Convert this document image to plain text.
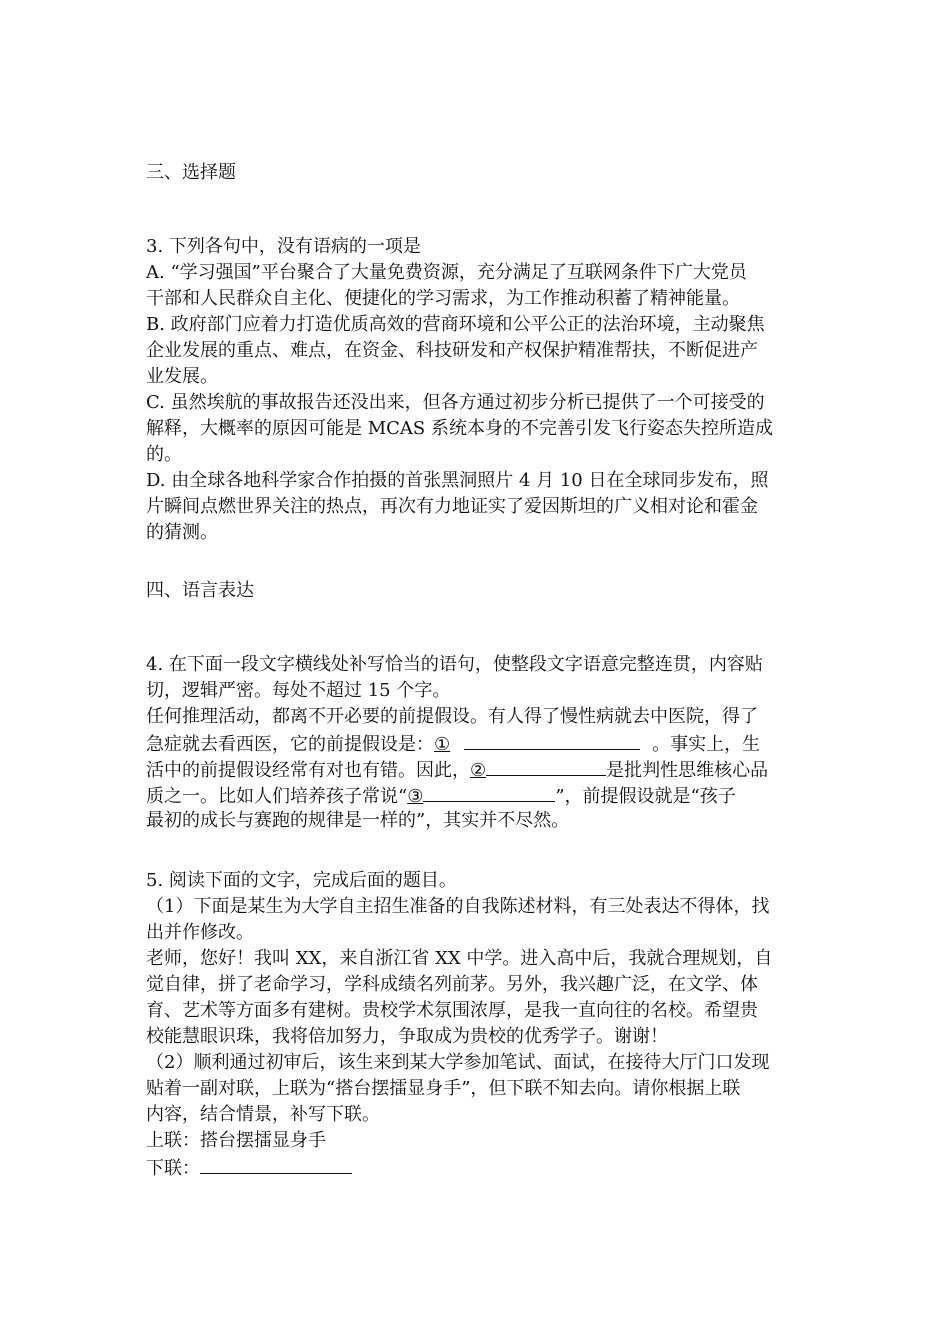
三、选择题
3. 下列各句中，没有语病的一项是
A. “学习强国”平台聚合了大量免费资源，充分满足了互联网条件下广大党员
干部和人民群众自主化、便捷化的学习需求，为工作推动积蓄了精神能量。
B. 政府部门应着力打造优质高效的营商环境和公平公正的法治环境，主动聚焦
企业发展的重点、难点，在资金、科技研发和产权保护精准帮扶，不断促进产
业发展。
C. 虽然埃航的事故报告还没出来，但各方通过初步分析已提供了一个可接受的
解释，大概率的原因可能是 MCAS 系统本身的不完善引发飞行姿态失控所造成
的。
D. 由全球各地科学家合作拍摄的首张黑洞照片 4 月 10 日在全球同步发布，照
片瞬间点燃世界关注的热点，再次有力地证实了爱因斯坦的广义相对论和霍金
的猜测。
四、语言表达
4. 在下面一段文字横线处补写恰当的语句，使整段文字语意完整连贯，内容贴
切，逻辑严密。每处不超过 15 个字。
任何推理活动，都离不开必要的前提假设。有人得了慢性病就去中医院，得了
急症就去看西医，它的前提假设是：①	。事实上，生
活中的前提假设经常有对也有错。因此，②	是批判性思维核心品
质之一。比如人们培养孩子常说“③	”，前提假设就是“孩子
最初的成长与赛跑的规律是一样的”，其实并不尽然。
5. 阅读下面的文字，完成后面的题目。
（1）下面是某生为大学自主招生准备的自我陈述材料，有三处表达不得体，找
出并作修改。
老师，您好！我叫 XX，来自浙江省 XX 中学。进入高中后，我就合理规划，自
觉自律，拼了老命学习，学科成绩名列前茅。另外，我兴趣广泛，在文学、体
育、艺术等方面多有建树。贵校学术氛围浓厚，是我一直向往的名校。希望贵
校能慧眼识珠，我将倍加努力，争取成为贵校的优秀学子。谢谢！
（2）顺利通过初审后，该生来到某大学参加笔试、面试，在接待大厅门口发现
贴着一副对联，上联为“搭台摆擂显身手”，但下联不知去向。请你根据上联
内容，结合情景，补写下联。
上联：搭台摆擂显身手
下联：
